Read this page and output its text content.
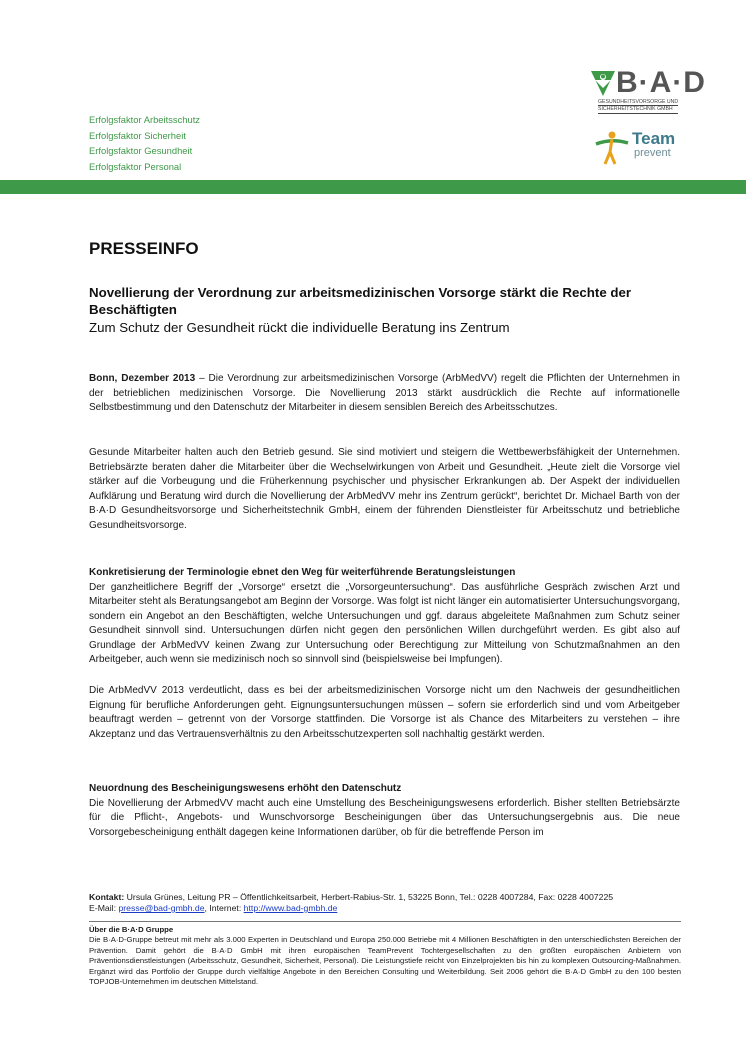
Erfolgsfaktor Arbeitsschutz
Erfolgsfaktor Sicherheit
Erfolgsfaktor Gesundheit
Erfolgsfaktor Personal
B·A·D
GESUNDHEITSVORSORGE UND
SICHERHEITSTECHNIK GMBH
Team
prevent
PRESSEINFO
Novellierung der Verordnung zur arbeitsmedizinischen Vorsorge stärkt die Rechte der Beschäftigten
Zum Schutz der Gesundheit rückt die individuelle Beratung ins Zentrum
Bonn, Dezember 2013 – Die Verordnung zur arbeitsmedizinischen Vorsorge (ArbMedVV) regelt die Pflichten der Unternehmen in der betrieblichen medizinischen Vorsorge. Die Novellierung 2013 stärkt ausdrücklich die Rechte auf informationelle Selbstbestimmung und den Datenschutz der Mitarbeiter in diesem sensiblen Bereich des Arbeitsschutzes.
Gesunde Mitarbeiter halten auch den Betrieb gesund. Sie sind motiviert und steigern die Wettbewerbsfähigkeit der Unternehmen. Betriebsärzte beraten daher die Mitarbeiter über die Wechselwirkungen von Arbeit und Gesundheit. „Heute zielt die Vorsorge viel stärker auf die Vorbeugung und die Früherkennung psychischer und physischer Erkrankungen ab. Der Aspekt der individuellen Aufklärung und Beratung wird durch die Novellierung der ArbMedVV mehr ins Zentrum gerückt“, berichtet Dr. Michael Barth von der B·A·D Gesundheitsvorsorge und Sicherheitstechnik GmbH, einem der führenden Dienstleister für Arbeitsschutz und betriebliche Gesundheitsvorsorge.
Konkretisierung der Terminologie ebnet den Weg für weiterführende Beratungsleistungen
Der ganzheitlichere Begriff der „Vorsorge“ ersetzt die „Vorsorgeuntersuchung“. Das ausführliche Gespräch zwischen Arzt und Mitarbeiter steht als Beratungsangebot am Beginn der Vorsorge. Was folgt ist nicht länger ein automatisierter Untersuchungsvorgang, sondern ein Angebot an den Beschäftigten, welche Untersuchungen und ggf. daraus abgeleitete Maßnahmen zum Schutz seiner Gesundheit sinnvoll sind. Untersuchungen dürfen nicht gegen den persönlichen Willen durchgeführt werden. Es gibt also auf Grundlage der ArbMedVV keinen Zwang zur Untersuchung oder Berechtigung zur Mitteilung von Schutzmaßnahmen an den Arbeitgeber, auch wenn sie medizinisch noch so sinnvoll sind (beispielsweise bei Impfungen).
Die ArbMedVV 2013 verdeutlicht, dass es bei der arbeitsmedizinischen Vorsorge nicht um den Nachweis der gesundheitlichen Eignung für berufliche Anforderungen geht. Eignungsuntersuchungen müssen – sofern sie erforderlich sind und vom Arbeitgeber beauftragt werden – getrennt von der Vorsorge stattfinden. Die Vorsorge ist als Chance des Mitarbeiters zu verstehen – ihre Akzeptanz und das Vertrauensverhältnis zu den Arbeitsschutzexperten soll nachhaltig gestärkt werden.
Neuordnung des Bescheinigungswesens erhöht den Datenschutz
Die Novellierung der ArbmedVV macht auch eine Umstellung des Bescheinigungswesens erforderlich. Bisher stellten Betriebsärzte für die Pflicht-, Angebots- und Wunschvorsorge Bescheinigungen über das Untersuchungsergebnis aus. Die neue Vorsorgebescheinigung enthält dagegen keine Informationen darüber, ob für die betreffende Person im
Kontakt: Ursula Grünes, Leitung PR – Öffentlichkeitsarbeit, Herbert-Rabius-Str. 1, 53225 Bonn, Tel.: 0228 4007284, Fax: 0228 4007225
E-Mail: presse@bad-gmbh.de, Internet: http://www.bad-gmbh.de
Über die B·A·D Gruppe
Die B·A·D-Gruppe betreut mit mehr als 3.000 Experten in Deutschland und Europa 250.000 Betriebe mit 4 Millionen Beschäftigten in den unterschiedlichsten Bereichen der Prävention. Damit gehört die B·A·D GmbH mit ihren europäischen TeamPrevent Tochtergesellschaften zu den größten europäischen Anbietern von Präventionsdienstleistungen (Arbeitsschutz, Gesundheit, Sicherheit, Personal). Die Leistungstiefe reicht von Einzelprojekten bis hin zu komplexen Outsourcing-Maßnahmen. Ergänzt wird das Portfolio der Gruppe durch vielfältige Angebote in den Bereichen Consulting und Weiterbildung. Seit 2006 gehört die B·A·D GmbH zu den 100 besten TOPJOB-Unternehmen im deutschen Mittelstand.
